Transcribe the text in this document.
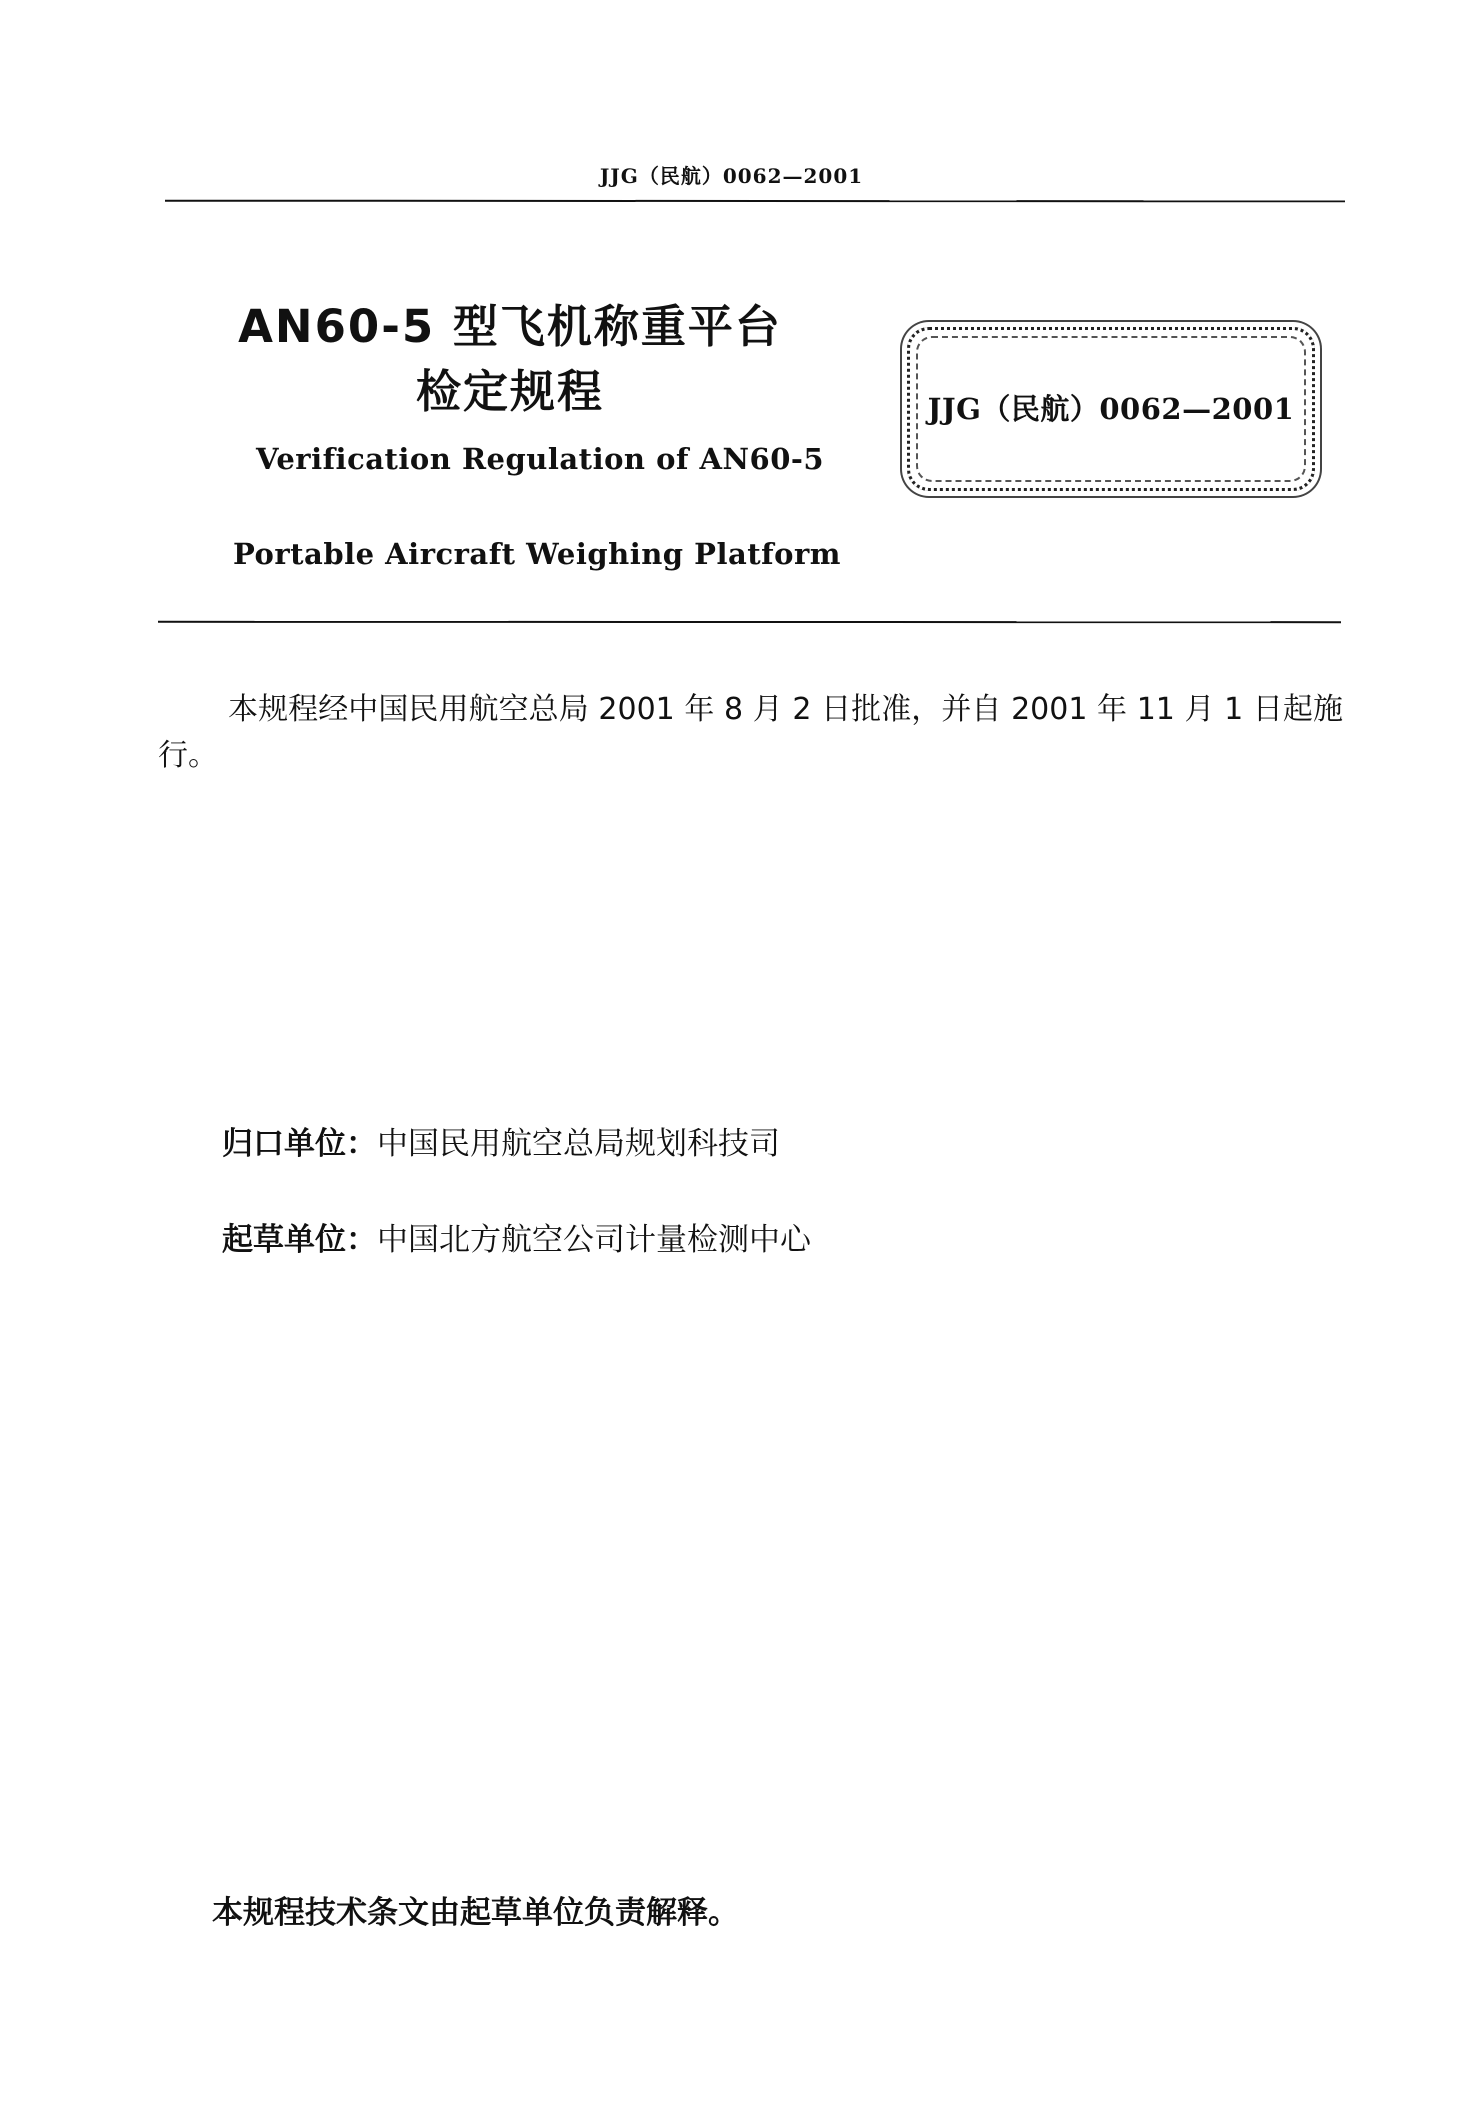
JJG（民航）0062—2001
AN60-5 型飞机称重平台
检定规程
Verification Regulation of AN60-5
Portable Aircraft Weighing Platform
JJG（民航）0062—2001
本规程经中国民用航空总局 2001 年 8 月 2 日批准，并自 2001 年 11 月 1 日起施行。
归口单位：中国民用航空总局规划科技司
起草单位：中国北方航空公司计量检测中心
本规程技术条文由起草单位负责解释。
